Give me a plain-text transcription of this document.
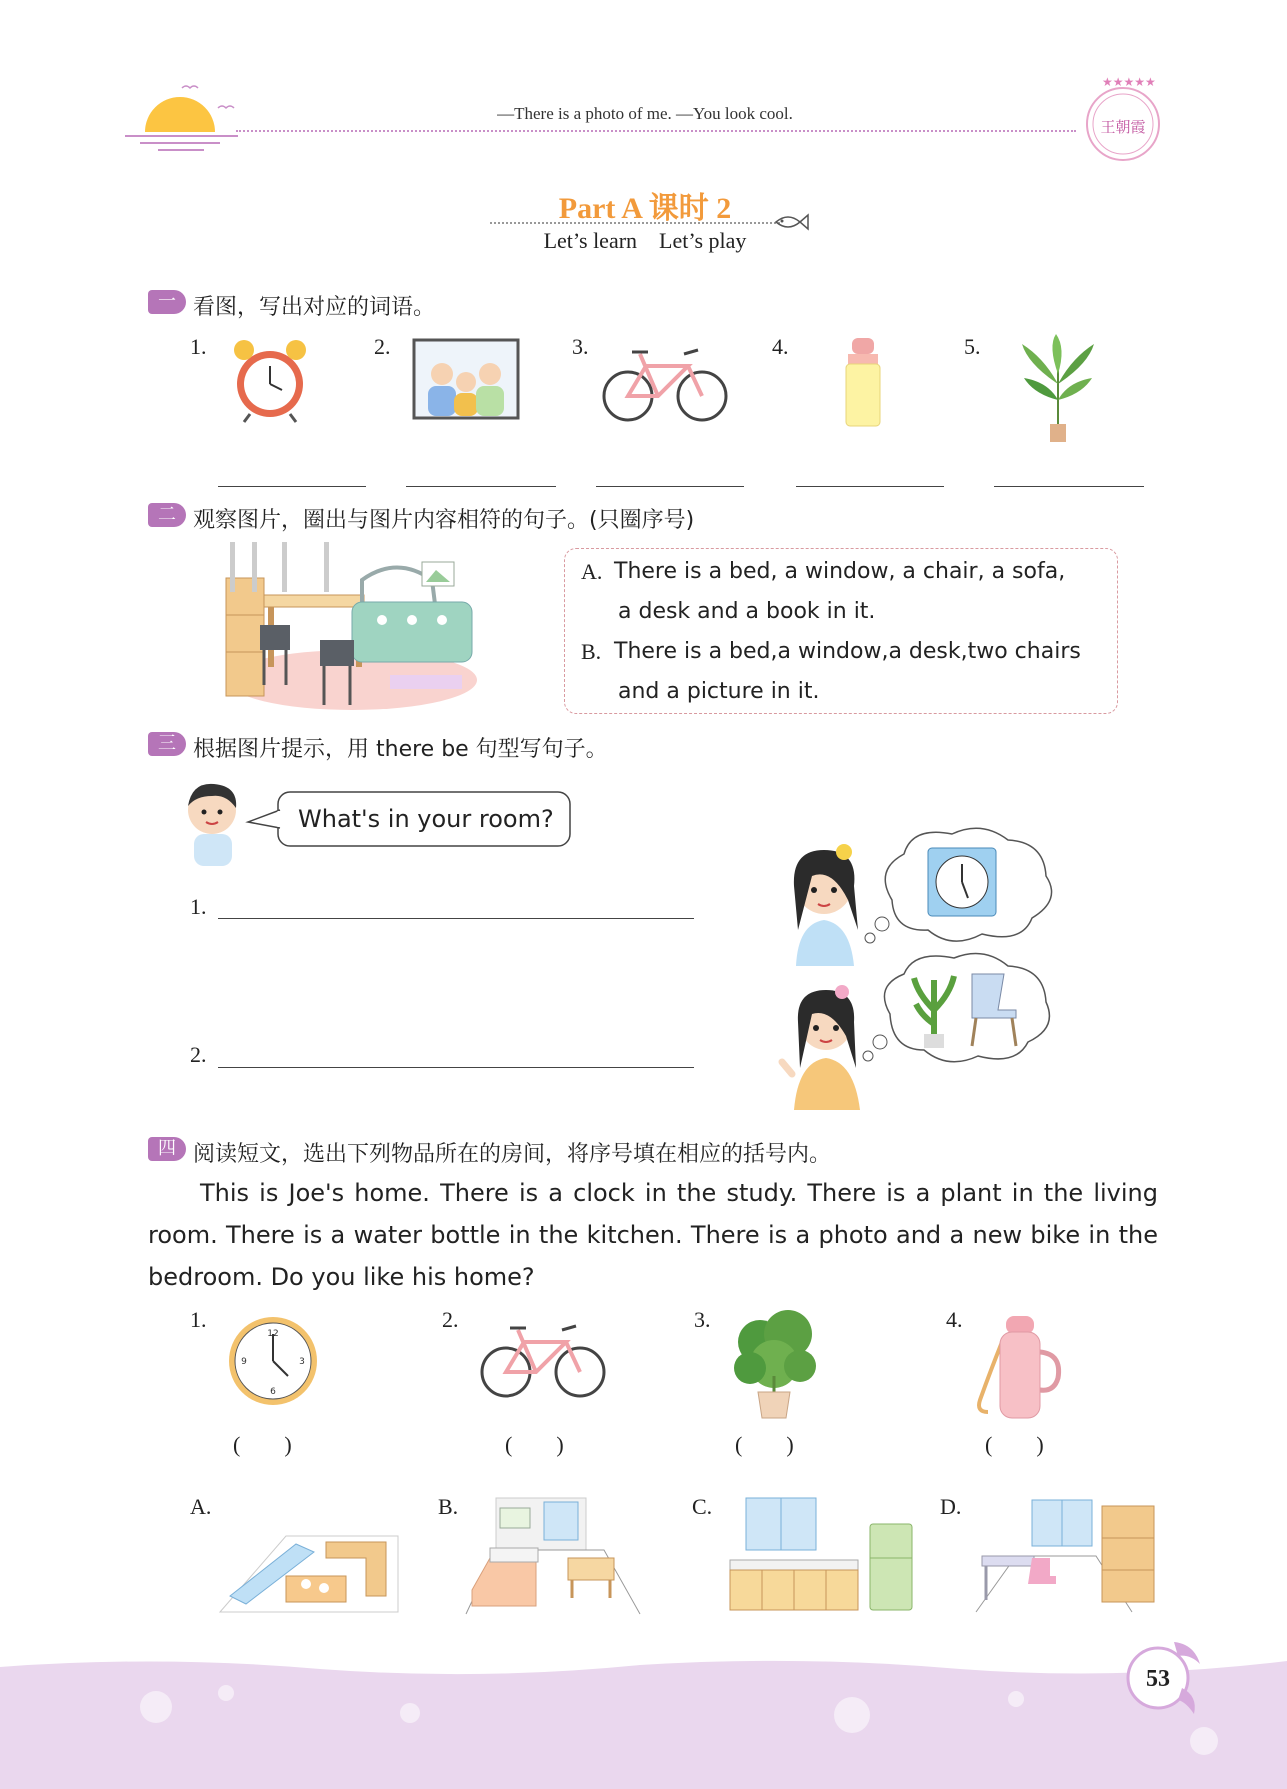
—There is a photo of me. —You look cool.
★★★★★
王朝霞
Part A 课时 2
Let’s learn    Let’s play
一 看图，写出对应的词语。
1.	2.	3.	4.	5.
二 观察图片，圈出与图片内容相符的句子。(只圈序号)
A. There is a bed, a window, a chair, a sofa,
a desk and a book in it.
B. There is a bed,a window,a desk,two chairs
and a picture in it.
三 根据图片提示，用 there be 句型写句子。
What's in your room?
1.
2.
四 阅读短文，选出下列物品所在的房间，将序号填在相应的括号内。
This is Joe's home. There is a clock in the study. There is a plant in the living room. There is a water bottle in the kitchen. There is a photo and a new bike in the bedroom. Do you like his home?
1.
12
3
6
9
(        )
2.
(        )
3.
(        )
4.
(        )
A.	B.	C.	D.
53
